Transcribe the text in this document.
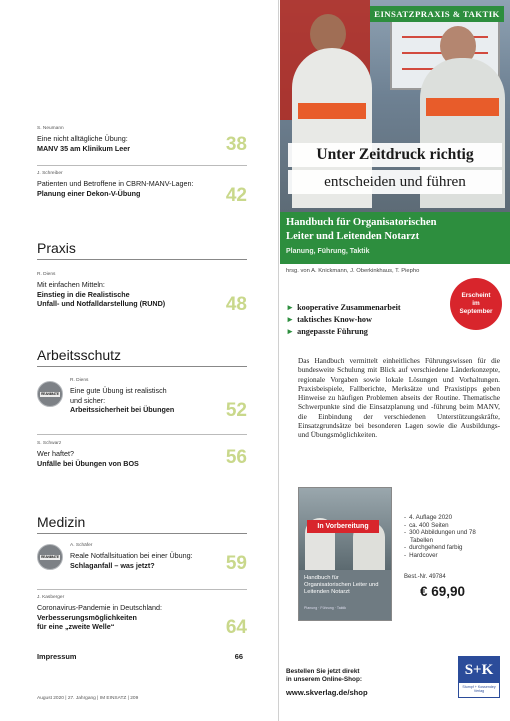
S. Neumann
Eine nicht alltägliche Übung:
MANV 35 am Klinikum Leer	38
J. Schreiber
Patienten und Betroffene in CBRN-MANV-Lagen:
Planung einer Dekon-V-Übung	42
Praxis
R. Diens
Mit einfachen Mitteln:
Einstieg in die Realistische
Unfall- und Notfalldarstellung (RUND)	48
Arbeitsschutz
REANIMATE
R. Diens
Eine gute Übung ist realistisch
und sicher:
Arbeitssicherheit bei Übungen	52
S. Schwarz
Wer haftet?
Unfälle bei Übungen von BOS	56
Medizin
REANIMATE
A. Schäfer
Reale Notfallsituation bei einer Übung:
Schlaganfall – was jetzt?	59
J. Kasberger
Coronavirus-Pandemie in Deutschland:
Verbesserungsmöglichkeiten
für eine „zweite Welle“	64
Impressum	66
August 2020 | 27. Jahrgang | IM EINSATZ | 209
EINSATZPRAXIS & TAKTIK
Unter Zeitdruck richtig
entscheiden und führen
Handbuch für Organisatorischen
Leiter und Leitenden Notarzt
Planung, Führung, Taktik
hrsg. von A. Knickmann, J. Oberkinkhaus, T. Piepho
Erscheint
im
September
► kooperative Zusammenarbeit
► taktisches Know-how
► angepasste Führung
Das Handbuch vermittelt einheitliches Führungswissen für die bundesweite Schulung mit Blick auf verschiedene Länderkonzepte, regionale Vorgaben sowie lokale Lösungen und Vorhaltungen. Praxisbeispiele, Fallberichte, Merksätze und Praxistipps geben Hinweise zu häufigen Problemen abseits der Routine. Thematische Schwerpunkte sind die Einsatzplanung und -führung beim MANV, die Einbindung der verschiedenen Unterstützungskräfte, Einsatzgrundsätze bei besonderen Lagen sowie die Ausbildungs- und Übungsmöglichkeiten.
In Vorbereitung
Handbuch für
Organisatorischen Leiter und
Leitenden Notarzt
Planung · Führung · Taktik
- 4. Auflage 2020
- ca. 400 Seiten
- 300 Abbildungen und 78
Tabellen
- durchgehend farbig
- Hardcover
Best.-Nr. 49784
€ 69,90
Bestellen Sie jetzt direkt
in unserem Online-Shop:
www.skverlag.de/shop
S+K
Stumpf + Kossendey
Verlag
